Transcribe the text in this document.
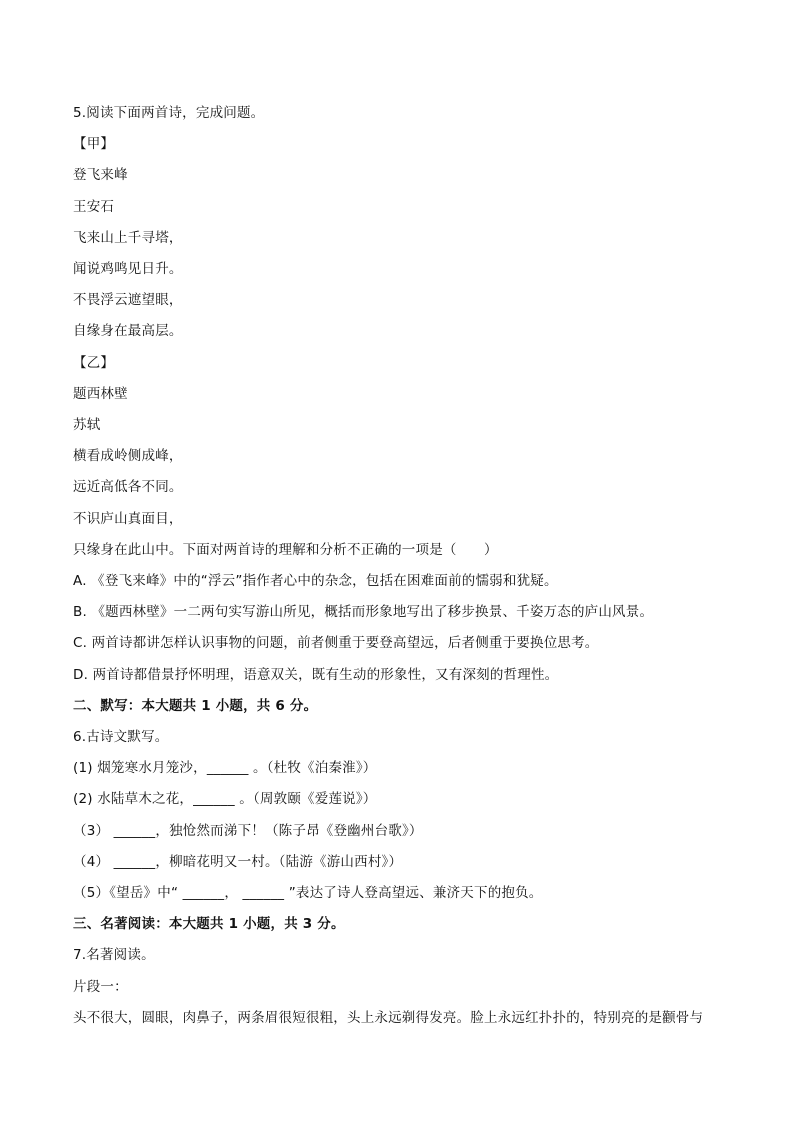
5.阅读下面两首诗，完成问题。
【甲】
登飞来峰
王安石
飞来山上千寻塔，
闻说鸡鸣见日升。
不畏浮云遮望眼，
自缘身在最高层。
【乙】
题西林壁
苏轼
横看成岭侧成峰，
远近高低各不同。
不识庐山真面目，
只缘身在此山中。下面对两首诗的理解和分析不正确的一项是（　　）
A. 《登飞来峰》中的“浮云”指作者心中的杂念，包括在困难面前的懦弱和犹疑。
B. 《题西林壁》一二两句实写游山所见，概括而形象地写出了移步换景、千姿万态的庐山风景。
C. 两首诗都讲怎样认识事物的问题，前者侧重于要登高望远，后者侧重于要换位思考。
D. 两首诗都借景抒怀明理，语意双关，既有生动的形象性，又有深刻的哲理性。
二、默写：本大题共 1 小题，共 6 分。
6.古诗文默写。
(1) 烟笼寒水月笼沙，______ 。（杜牧《泊秦淮》）
(2) 水陆草木之花，______ 。（周敦颐《爱莲说》）
（3） ______，独怆然而涕下！（陈子昂《登幽州台歌》）
（4） ______，柳暗花明又一村。（陆游《游山西村》）
（5）《望岳》中“ ______， ______ ”表达了诗人登高望远、兼济天下的抱负。
三、名著阅读：本大题共 1 小题，共 3 分。
7.名著阅读。
片段一：
头不很大，圆眼，肉鼻子，两条眉很短很粗，头上永远剃得发亮。脸上永远红扑扑的，特别亮的是颧骨与
